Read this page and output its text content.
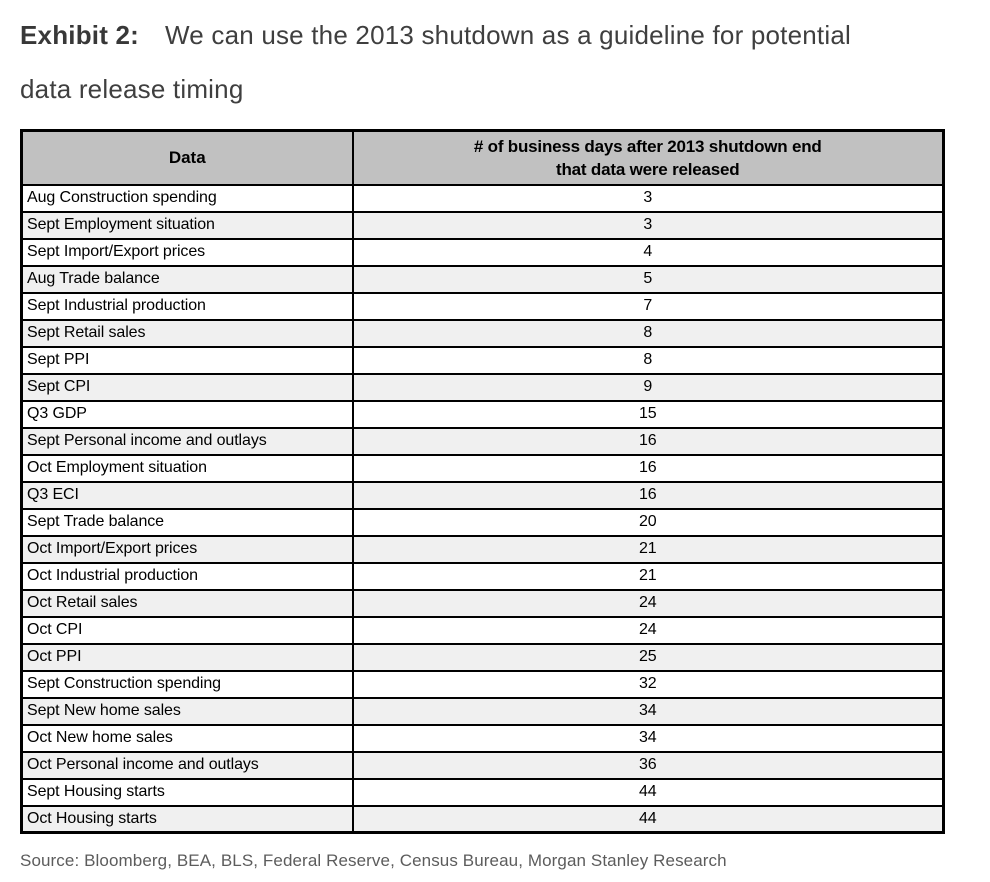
Exhibit 2: We can use the 2013 shutdown as a guideline for potential data release timing
Data	# of business days after 2013 shutdown end
that data were released

Aug Construction spending	3
Sept Employment situation	3
Sept Import/Export prices	4
Aug Trade balance	5
Sept Industrial production	7
Sept Retail sales	8
Sept PPI	8
Sept CPI	9
Q3 GDP	15
Sept Personal income and outlays	16
Oct Employment situation	16
Q3 ECI	16
Sept Trade balance	20
Oct Import/Export prices	21
Oct Industrial production	21
Oct Retail sales	24
Oct CPI	24
Oct PPI	25
Sept Construction spending	32
Sept New home sales	34
Oct New home sales	34
Oct Personal income and outlays	36
Sept Housing starts	44
Oct Housing starts	44

Source: Bloomberg, BEA, BLS, Federal Reserve, Census Bureau, Morgan Stanley Research
